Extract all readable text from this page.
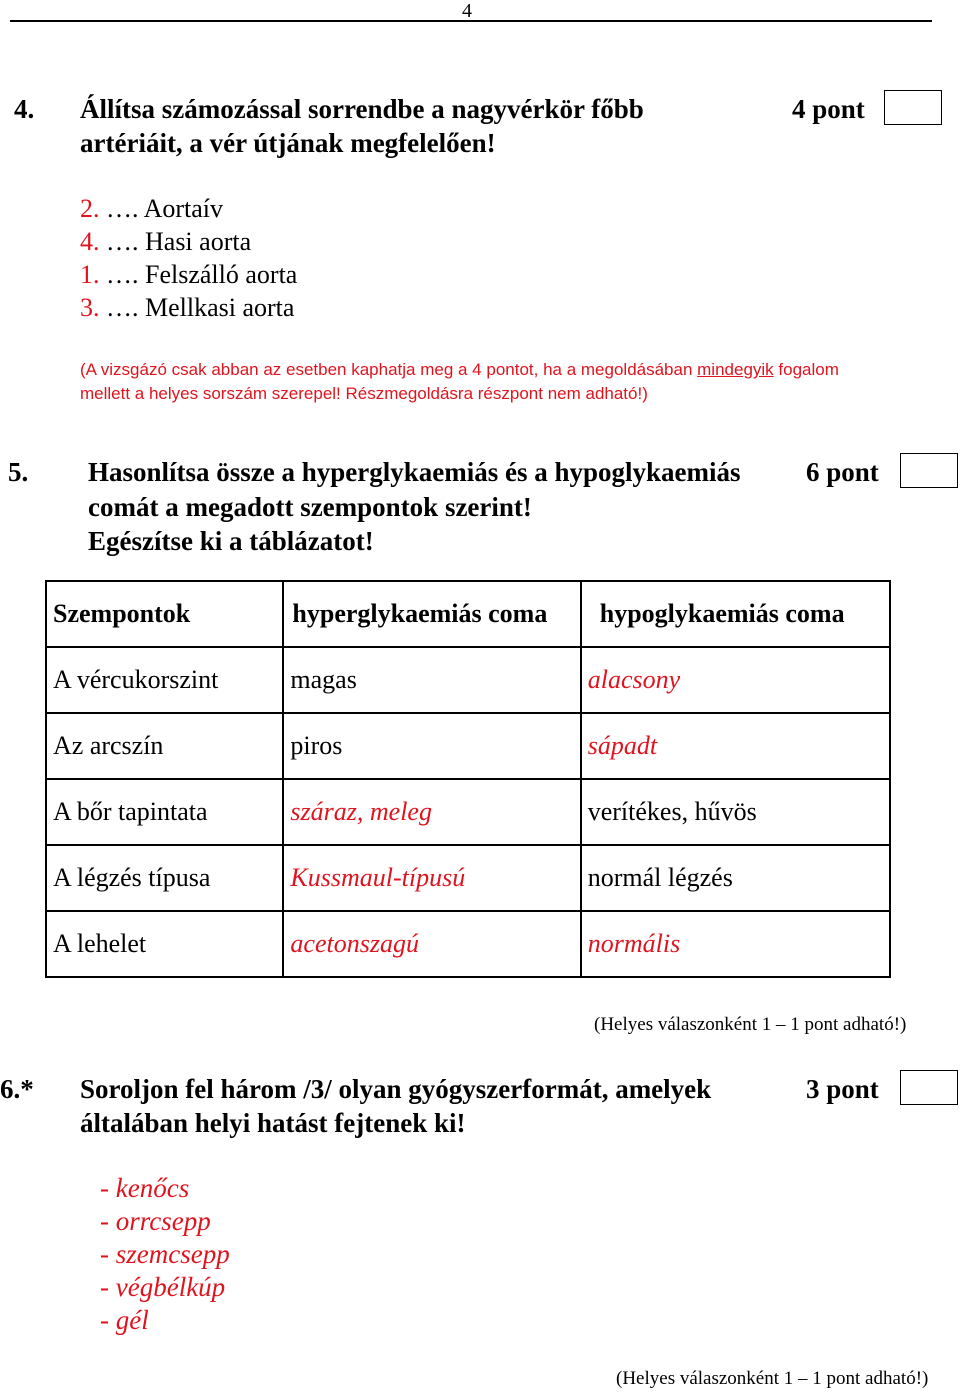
4
4. Állítsa számozással sorrendbe a nagyvérkör főbb
artériáit, a vér útjának megfelelően!
4 pont
2. …. Aortaív
4. …. Hasi aorta
1. …. Felszálló aorta
3. …. Mellkasi aorta
(A vizsgázó csak abban az esetben kaphatja meg a 4 pontot, ha a megoldásában mindegyik fogalom
mellett a helyes sorszám szerepel! Részmegoldásra részpont nem adható!)
5. Hasonlítsa össze a hyperglykaemiás és a hypoglykaemiás
comát a megadott szempontok szerint!
Egészítse ki a táblázatot!
6 pont
Szempontok	hyperglykaemiás coma	hypoglykaemiás coma
A vércukorszint	magas	alacsony
Az arcszín	piros	sápadt
A bőr tapintata	száraz, meleg	verítékes, hűvös
A légzés típusa	Kussmaul-típusú	normál légzés
A lehelet	acetonszagú	normális
(Helyes válaszonként 1 – 1 pont adható!)
6.* Soroljon fel három /3/ olyan gyógyszerformát, amelyek
általában helyi hatást fejtenek ki!
3 pont
- kenőcs
- orrcsepp
- szemcsepp
- végbélkúp
- gél
(Helyes válaszonként 1 – 1 pont adható!)
